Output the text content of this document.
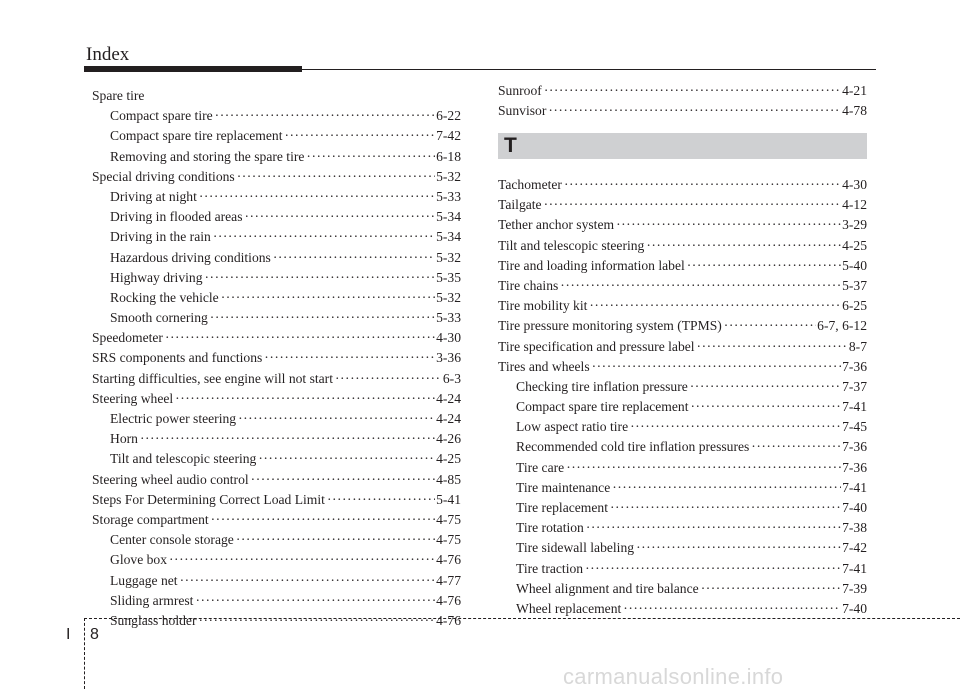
Index
Spare tire
Compact spare tire ·····	6-22
Compact spare tire replacement ·····	7-42
Removing and storing the spare tire ·····	6-18
Special driving conditions ·····	5-32
Driving at night ·····	5-33
Driving in flooded areas ·····	5-34
Driving in the rain ·····	5-34
Hazardous driving conditions ·····	5-32
Highway driving ·····	5-35
Rocking the vehicle ·····	5-32
Smooth cornering ·····	5-33
Speedometer ·····	4-30
SRS components and functions ·····	3-36
Starting difficulties, see engine will not start ·····	6-3
Steering wheel ·····	4-24
Electric power steering ·····	4-24
Horn ·····	4-26
Tilt and telescopic steering ·····	4-25
Steering wheel audio control ·····	4-85
Steps For Determining Correct Load Limit ·····	5-41
Storage compartment ·····	4-75
Center console storage ·····	4-75
Glove box ·····	4-76
Luggage net ·····	4-77
Sliding armrest ·····	4-76
Sunglass holder ·····	4-76
Sunroof ·····	4-21
Sunvisor ·····	4-78
T
Tachometer ·····	4-30
Tailgate ·····	4-12
Tether anchor system ·····	3-29
Tilt and telescopic steering ·····	4-25
Tire and loading information label ·····	5-40
Tire chains ·····	5-37
Tire mobility kit ·····	6-25
Tire pressure monitoring system (TPMS) ·····	6-7, 6-12
Tire specification and pressure label ·····	8-7
Tires and wheels ·····	7-36
Checking tire inflation pressure ·····	7-37
Compact spare tire replacement ·····	7-41
Low aspect ratio tire ·····	7-45
Recommended cold tire inflation pressures ·····	7-36
Tire care ·····	7-36
Tire maintenance ·····	7-41
Tire replacement ·····	7-40
Tire rotation ·····	7-38
Tire sidewall labeling ·····	7-42
Tire traction ·····	7-41
Wheel alignment and tire balance ·····	7-39
Wheel replacement ·····	7-40
I 8
carmanualsonline.info
